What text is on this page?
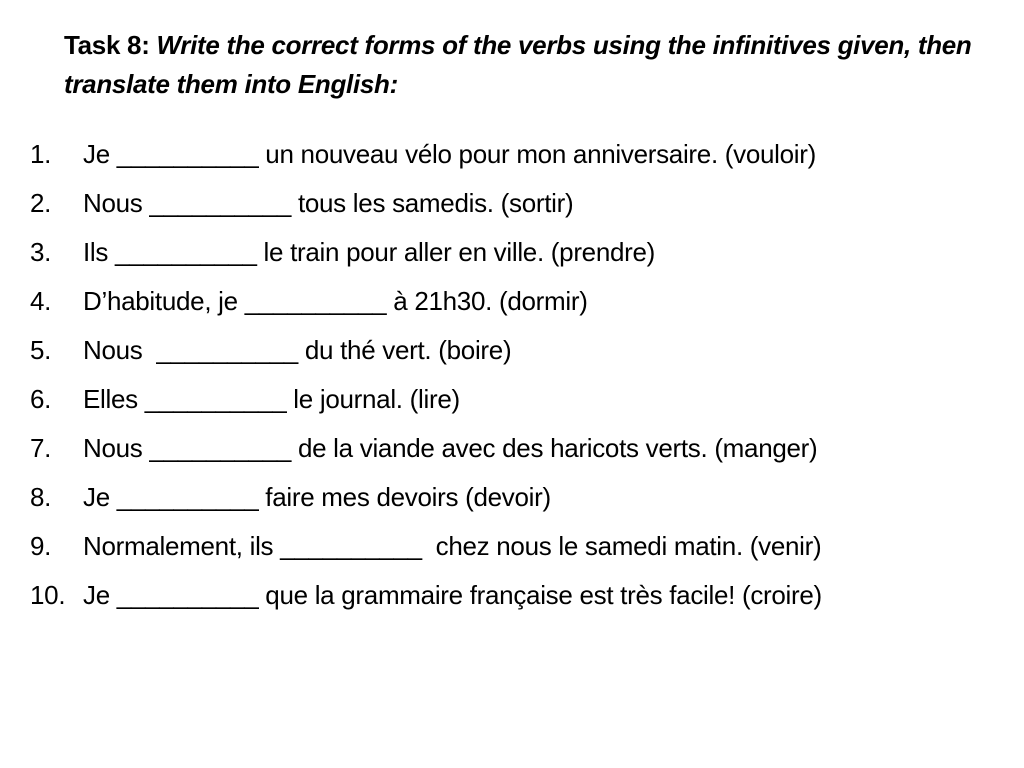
Task 8: Write the correct forms of the verbs using the infinitives given, then translate them into English:
1.	Je __________ un nouveau vélo pour mon anniversaire. (vouloir)
2.	Nous __________ tous les samedis. (sortir)
3.	Ils __________ le train pour aller en ville. (prendre)
4.	D’habitude, je __________ à 21h30. (dormir)
5.	Nous  __________ du thé vert. (boire)
6.	Elles __________ le journal. (lire)
7.	Nous __________ de la viande avec des haricots verts. (manger)
8.	Je __________ faire mes devoirs (devoir)
9.	Normalement, ils __________  chez nous le samedi matin. (venir)
10. Je __________ que la grammaire française est très facile! (croire)
